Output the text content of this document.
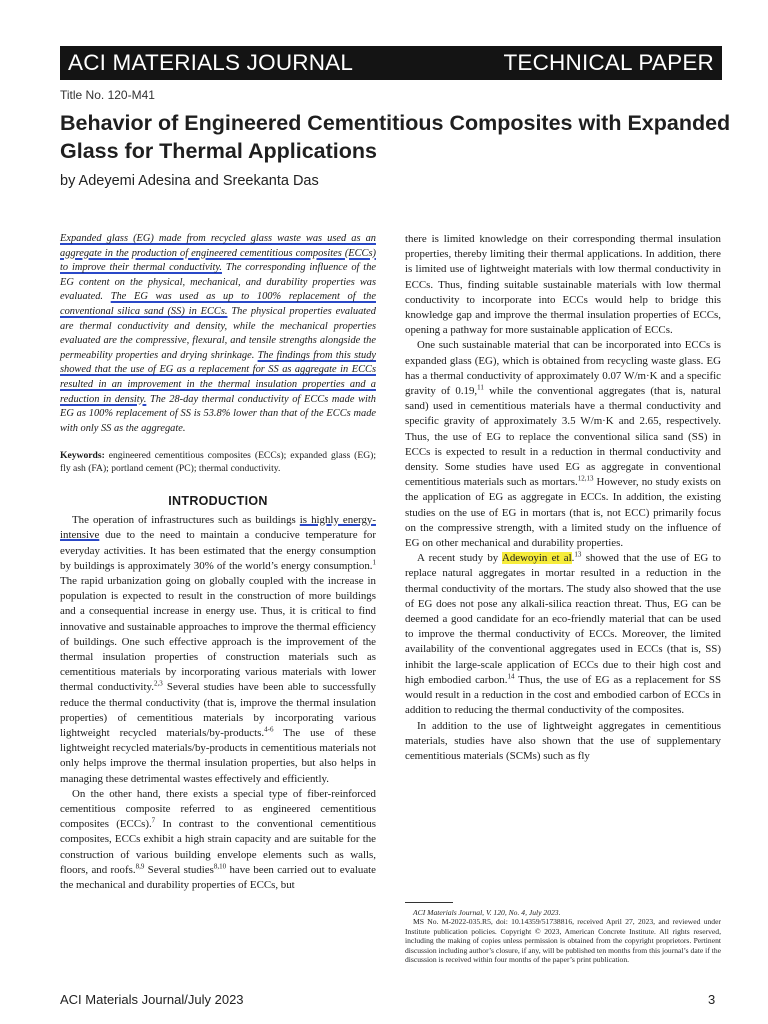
ACI MATERIALS JOURNAL	TECHNICAL PAPER
Title No. 120-M41
Behavior of Engineered Cementitious Composites with Expanded Glass for Thermal Applications
by Adeyemi Adesina and Sreekanta Das

Expanded glass (EG) made from recycled glass waste was used as an aggregate in the production of engineered cementitious composites (ECCs) to improve their thermal conductivity. The corresponding influence of the EG content on the physical, mechanical, and durability properties was evaluated. The EG was used as up to 100% replacement of the conventional silica sand (SS) in ECCs. The physical properties evaluated are thermal conductivity and density, while the mechanical properties evaluated are the compressive, flexural, and tensile strengths alongside the permeability properties and drying shrinkage. The findings from this study showed that the use of EG as a replacement for SS as aggregate in ECCs resulted in an improvement in the thermal insulation properties and a reduction in density. The 28-day thermal conductivity of ECCs made with EG as 100% replacement of SS is 53.8% lower than that of the ECCs made with only SS as the aggregate.

Keywords: engineered cementitious composites (ECCs); expanded glass (EG); fly ash (FA); portland cement (PC); thermal conductivity.

INTRODUCTION

The operation of infrastructures such as buildings is highly energy-intensive due to the need to maintain a conducive temperature for everyday activities. It has been estimated that the energy consumption by buildings is approximately 30% of the world’s energy consumption.$^1$ The rapid urbanization going on globally coupled with the increase in population is expected to result in the construction of more buildings and a consequential increase in energy use. Thus, it is critical to find innovative and sustainable approaches to improve the thermal efficiency of buildings. One such effective approach is the improvement of the thermal insulation properties of construction materials such as cementitious materials by incorporating various materials with lower thermal conductivity.$^{2,3}$ Several studies have been able to successfully reduce the thermal conductivity (that is, improve the thermal insulation properties) of cementitious materials by incorporating various lightweight recycled materials/by-products.$^{4-6}$ The use of these lightweight recycled materials/by-products in cementitious materials not only helps improve the thermal insulation properties, but also helps in managing these detrimental wastes effectively and efficiently.

On the other hand, there exists a special type of fiber-reinforced cementitious composite referred to as engineered cementitious composites (ECCs).$^7$ In contrast to the conventional cementitious composites, ECCs exhibit a high strain capacity and are suitable for the construction of various building envelope elements such as walls, floors, and roofs.$^{8,9}$ Several studies$^{8,10}$ have been carried out to evaluate the mechanical and durability properties of ECCs, but

there is limited knowledge on their corresponding thermal insulation properties, thereby limiting their thermal applications. In addition, there is limited use of lightweight materials with low thermal conductivity in ECCs. Thus, finding suitable sustainable materials with low thermal conductivity to incorporate into ECCs would help to bridge this knowledge gap and improve the thermal insulation properties of ECCs, opening a pathway for more sustainable application of ECCs.

One such sustainable material that can be incorporated into ECCs is expanded glass (EG), which is obtained from recycling waste glass. EG has a thermal conductivity of approximately 0.07 W/m·K and a specific gravity of 0.19,11 while the conventional aggregates (that is, natural sand) used in cementitious materials have a thermal conductivity and specific gravity of approximately 3.5 W/m·K and 2.65, respectively. Thus, the use of EG to replace the conventional silica sand (SS) in ECCs is expected to result in a reduction in thermal conductivity and density. Some studies have used EG as aggregate in conventional cementitious materials such as mortars.$^{12,13}$ However, no study exists on the application of EG as aggregate in ECCs. In addition, the existing studies on the use of EG in mortars (that is, not ECC) primarily focus on the compressive strength, with a limited study on the influence of EG on other mechanical and durability properties.

A recent study by Adewoyin et al.$^{13}$ showed that the use of EG to replace natural aggregates in mortar resulted in a reduction in the thermal conductivity of the mortars. The study also showed that the use of EG does not pose any alkali-silica reaction threat. Thus, EG can be deemed a good candidate for an eco-friendly material that can be used to improve the thermal conductivity of ECCs. Moreover, the limited availability of the conventional aggregates used in ECCs (that is, SS) inhibit the large-scale application of ECCs due to their high cost and high embodied carbon.$^{14}$ Thus, the use of EG as a replacement for SS would result in a reduction in the cost and embodied carbon of ECCs in addition to reducing the thermal conductivity of the composites.

In addition to the use of lightweight aggregates in cementitious materials, studies have also shown that the use of supplementary cementitious materials (SCMs) such as fly

ACI Materials Journal, V. 120, No. 4, July 2023.

MS No. M-2022-035.R5, doi: 10.14359/51738816, received April 27, 2023, and reviewed under Institute publication policies. Copyright © 2023, American Concrete Institute. All rights reserved, including the making of copies unless permission is obtained from the copyright proprietors. Pertinent discussion including author’s closure, if any, will be published ten months from this journal’s date if the discussion is received within four months of the paper’s print publication.

ACI Materials Journal/July 2023	3
